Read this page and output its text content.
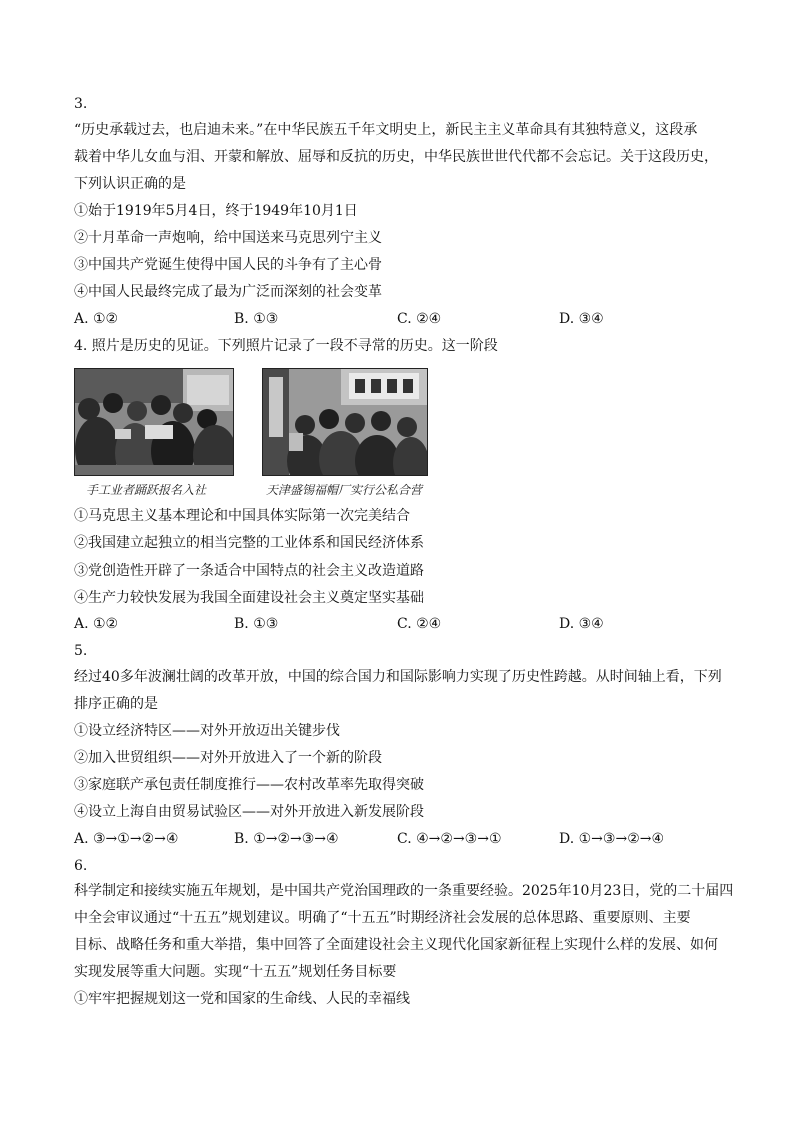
3.
“历史承载过去，也启迪未来。”在中华民族五千年文明史上，新民主主义革命具有其独特意义，这段承
载着中华儿女血与泪、开蒙和解放、屈辱和反抗的历史，中华民族世世代代都不会忘记。关于这段历史，
下列认识正确的是
①始于1919年5月4日，终于1949年10月1日
②十月革命一声炮响，给中国送来马克思列宁主义
③中国共产党诞生使得中国人民的斗争有了主心骨
④中国人民最终完成了最为广泛而深刻的社会变革
A. ①②	B. ①③	C. ②④	D. ③④
4. 照片是历史的见证。下列照片记录了一段不寻常的历史。这一阶段
手工业者踊跃报名入社	天津盛锡福帽厂实行公私合营
①马克思主义基本理论和中国具体实际第一次完美结合
②我国建立起独立的相当完整的工业体系和国民经济体系
③党创造性开辟了一条适合中国特点的社会主义改造道路
④生产力较快发展为我国全面建设社会主义奠定坚实基础
A. ①②	B. ①③	C. ②④	D. ③④
5.
经过40多年波澜壮阔的改革开放，中国的综合国力和国际影响力实现了历史性跨越。从时间轴上看，下列
排序正确的是
①设立经济特区——对外开放迈出关键步伐
②加入世贸组织——对外开放进入了一个新的阶段
③家庭联产承包责任制度推行——农村改革率先取得突破
④设立上海自由贸易试验区——对外开放进入新发展阶段
A. ③→①→②→④	B. ①→②→③→④	C. ④→②→③→①	D. ①→③→②→④
6.
科学制定和接续实施五年规划，是中国共产党治国理政的一条重要经验。2025年10月23日，党的二十届四
中全会审议通过“十五五”规划建议。明确了“十五五”时期经济社会发展的总体思路、重要原则、主要
目标、战略任务和重大举措，集中回答了全面建设社会主义现代化国家新征程上实现什么样的发展、如何
实现发展等重大问题。实现“十五五”规划任务目标要
①牢牢把握规划这一党和国家的生命线、人民的幸福线
